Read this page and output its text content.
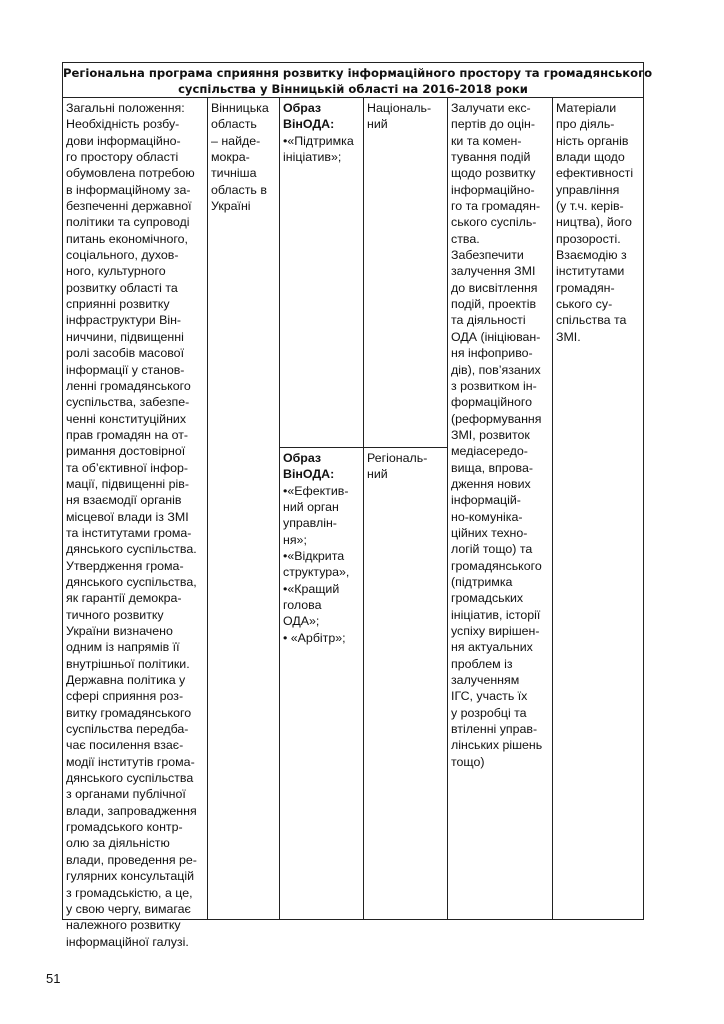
Регіональна програма сприяння розвитку інформаційного простору та громадянського
суспільства у Вінницькій області на 2016-2018 роки
Загальні положення:
Необхідність розбу-
дови інформаційно-
го простору області
обумовлена потребою
в інформаційному за-
безпеченні державної
політики та супроводі
питань економічного,
соціального, духов-
ного, культурного
розвитку області та
сприянні розвитку
інфраструктури Він-
ниччини, підвищенні
ролі засобів масової
інформації у станов-
ленні громадянського
суспільства, забезпе-
ченні конституційних
прав громадян на от-
римання достовірної
та об’єктивної інфор-
мації, підвищенні рів-
ня взаємодії органів
місцевої влади із ЗМІ
та інститутами грома-
дянського суспільства.
Утвердження грома-
дянського суспільства,
як гарантії демокра-
тичного розвитку
України визначено
одним із напрямів її
внутрішньої політики.
Державна політика у
сфері сприяння роз-
витку громадянського
суспільства передба-
чає посилення взає-
модії інститутів грома-
дянського суспільства
з органами публічної
влади, запровадження
громадського контр-
олю за діяльністю
влади, проведення ре-
гулярних консультацій
з громадськістю, а це,
у свою чергу, вимагає
належного розвитку
інформаційної галузі.
Вінницька
область
– найде-
мокра-
тичніша
область в
Україні
Образ
ВінОДА:
•«Підтримка
ініціатив»;
Образ
ВінОДА:
•«Ефектив-
ний орган
управлін-
ня»;
•«Відкрита
структура»,
•«Кращий
голова
ОДА»;
• «Арбітр»;
Національ-
ний
Регіональ-
ний
Залучати екс-
пертів до оцін-
ки та комен-
тування подій
щодо розвитку
інформаційно-
го та громадян-
ського суспіль-
ства.
Забезпечити
залучення ЗМІ
до висвітлення
подій, проектів
та діяльності
ОДА (ініціюван-
ня інфоприво-
дів), пов’язаних
з розвитком ін-
формаційного
(реформування
ЗМІ, розвиток
медіасередо-
вища, впрова-
дження нових
інформацій-
но-комуніка-
ційних техно-
логій тощо) та
громадянського
(підтримка
громадських
ініціатив, історії
успіху вирішен-
ня актуальних
проблем із
залученням
ІГС, участь їх
у розробці та
втіленні управ-
лінських рішень
тощо)
Матеріали
про діяль-
ність органів
влади щодо
ефективності
управління
(у т.ч. керів-
ництва), його
прозорості.
Взаємодію з
інститутами
громадян-
ського су-
спільства та
ЗМІ.
51
